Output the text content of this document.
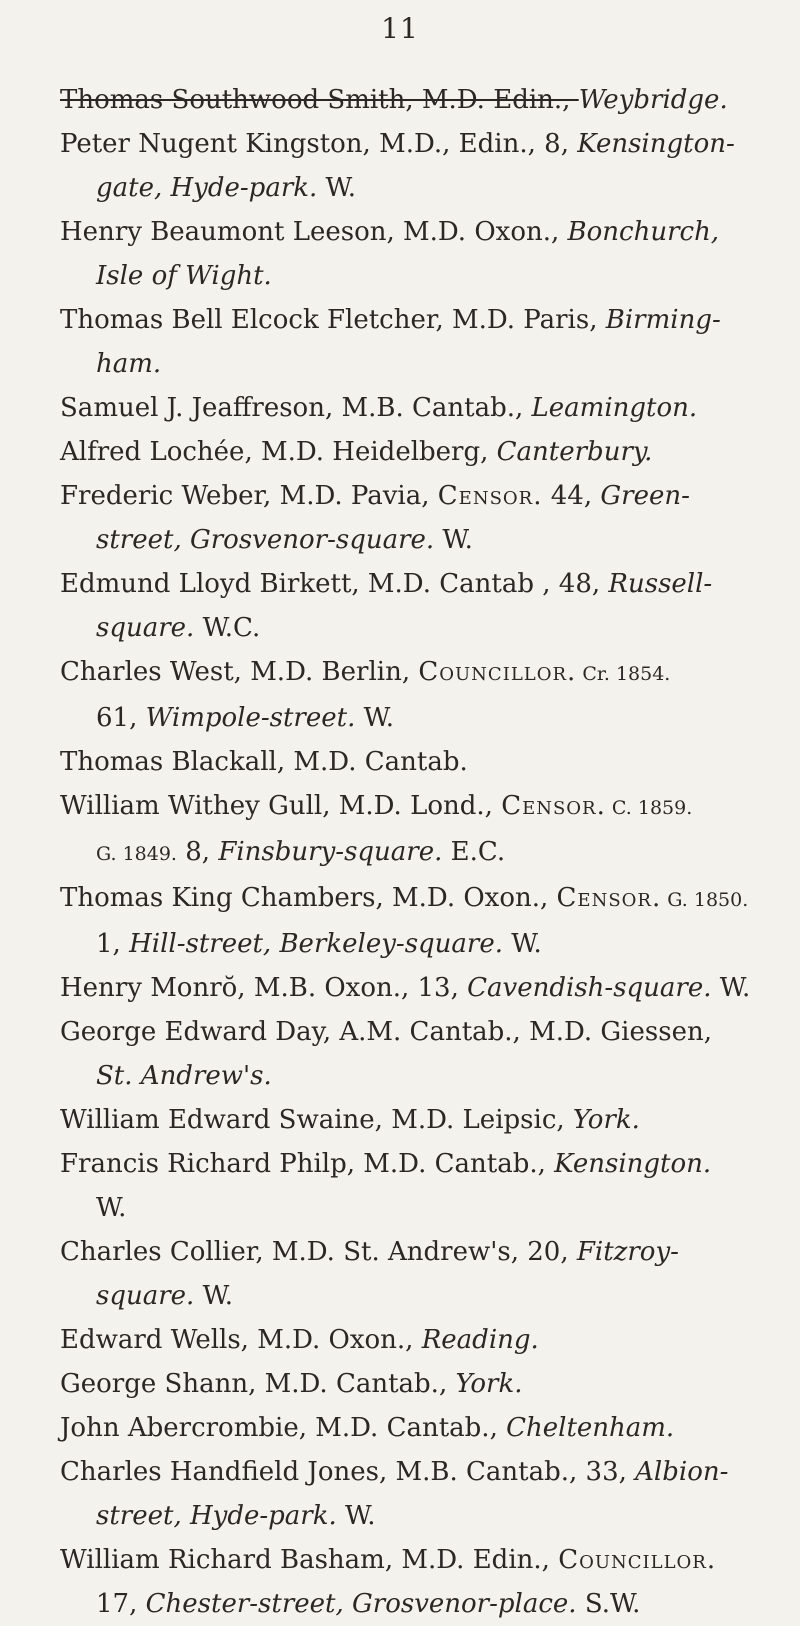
11

Thomas Southwood Smith, M.D. Edin., Weybridge.

Peter Nugent Kingston, M.D., Edin., 8, Kensington-

gate, Hyde-park. W.

Henry Beaumont Leeson, M.D. Oxon., Bonchurch,

Isle of Wight.

Thomas Bell Elcock Fletcher, M.D. Paris, Birming-

ham.

Samuel J. Jeaffreson, M.B. Cantab., Leamington.

Alfred Lochée, M.D. Heidelberg, Canterbury.

Frederic Weber, M.D. Pavia, Censor. 44, Green-

street, Grosvenor-square. W.

Edmund Lloyd Birkett, M.D. Cantab , 48, Russell-

square. W.C.

Charles West, M.D. Berlin, Councillor. Cr. 1854.

61, Wimpole-street. W.

Thomas Blackall, M.D. Cantab.

William Withey Gull, M.D. Lond., Censor. C. 1859.

G. 1849. 8, Finsbury-square. E.C.

Thomas King Chambers, M.D. Oxon., Censor. G. 1850.

1, Hill-street, Berkeley-square. W.

Henry Monrŏ, M.B. Oxon., 13, Cavendish-square. W.

George Edward Day, A.M. Cantab., M.D. Giessen,

St. Andrew's.

William Edward Swaine, M.D. Leipsic, York.

Francis Richard Philp, M.D. Cantab., Kensington.

W.

Charles Collier, M.D. St. Andrew's, 20, Fitzroy-

square. W.

Edward Wells, M.D. Oxon., Reading.

George Shann, M.D. Cantab., York.

John Abercrombie, M.D. Cantab., Cheltenham.

Charles Handfield Jones, M.B. Cantab., 33, Albion-

street, Hyde-park. W.

William Richard Basham, M.D. Edin., Councillor.

17, Chester-street, Grosvenor-place. S.W.
